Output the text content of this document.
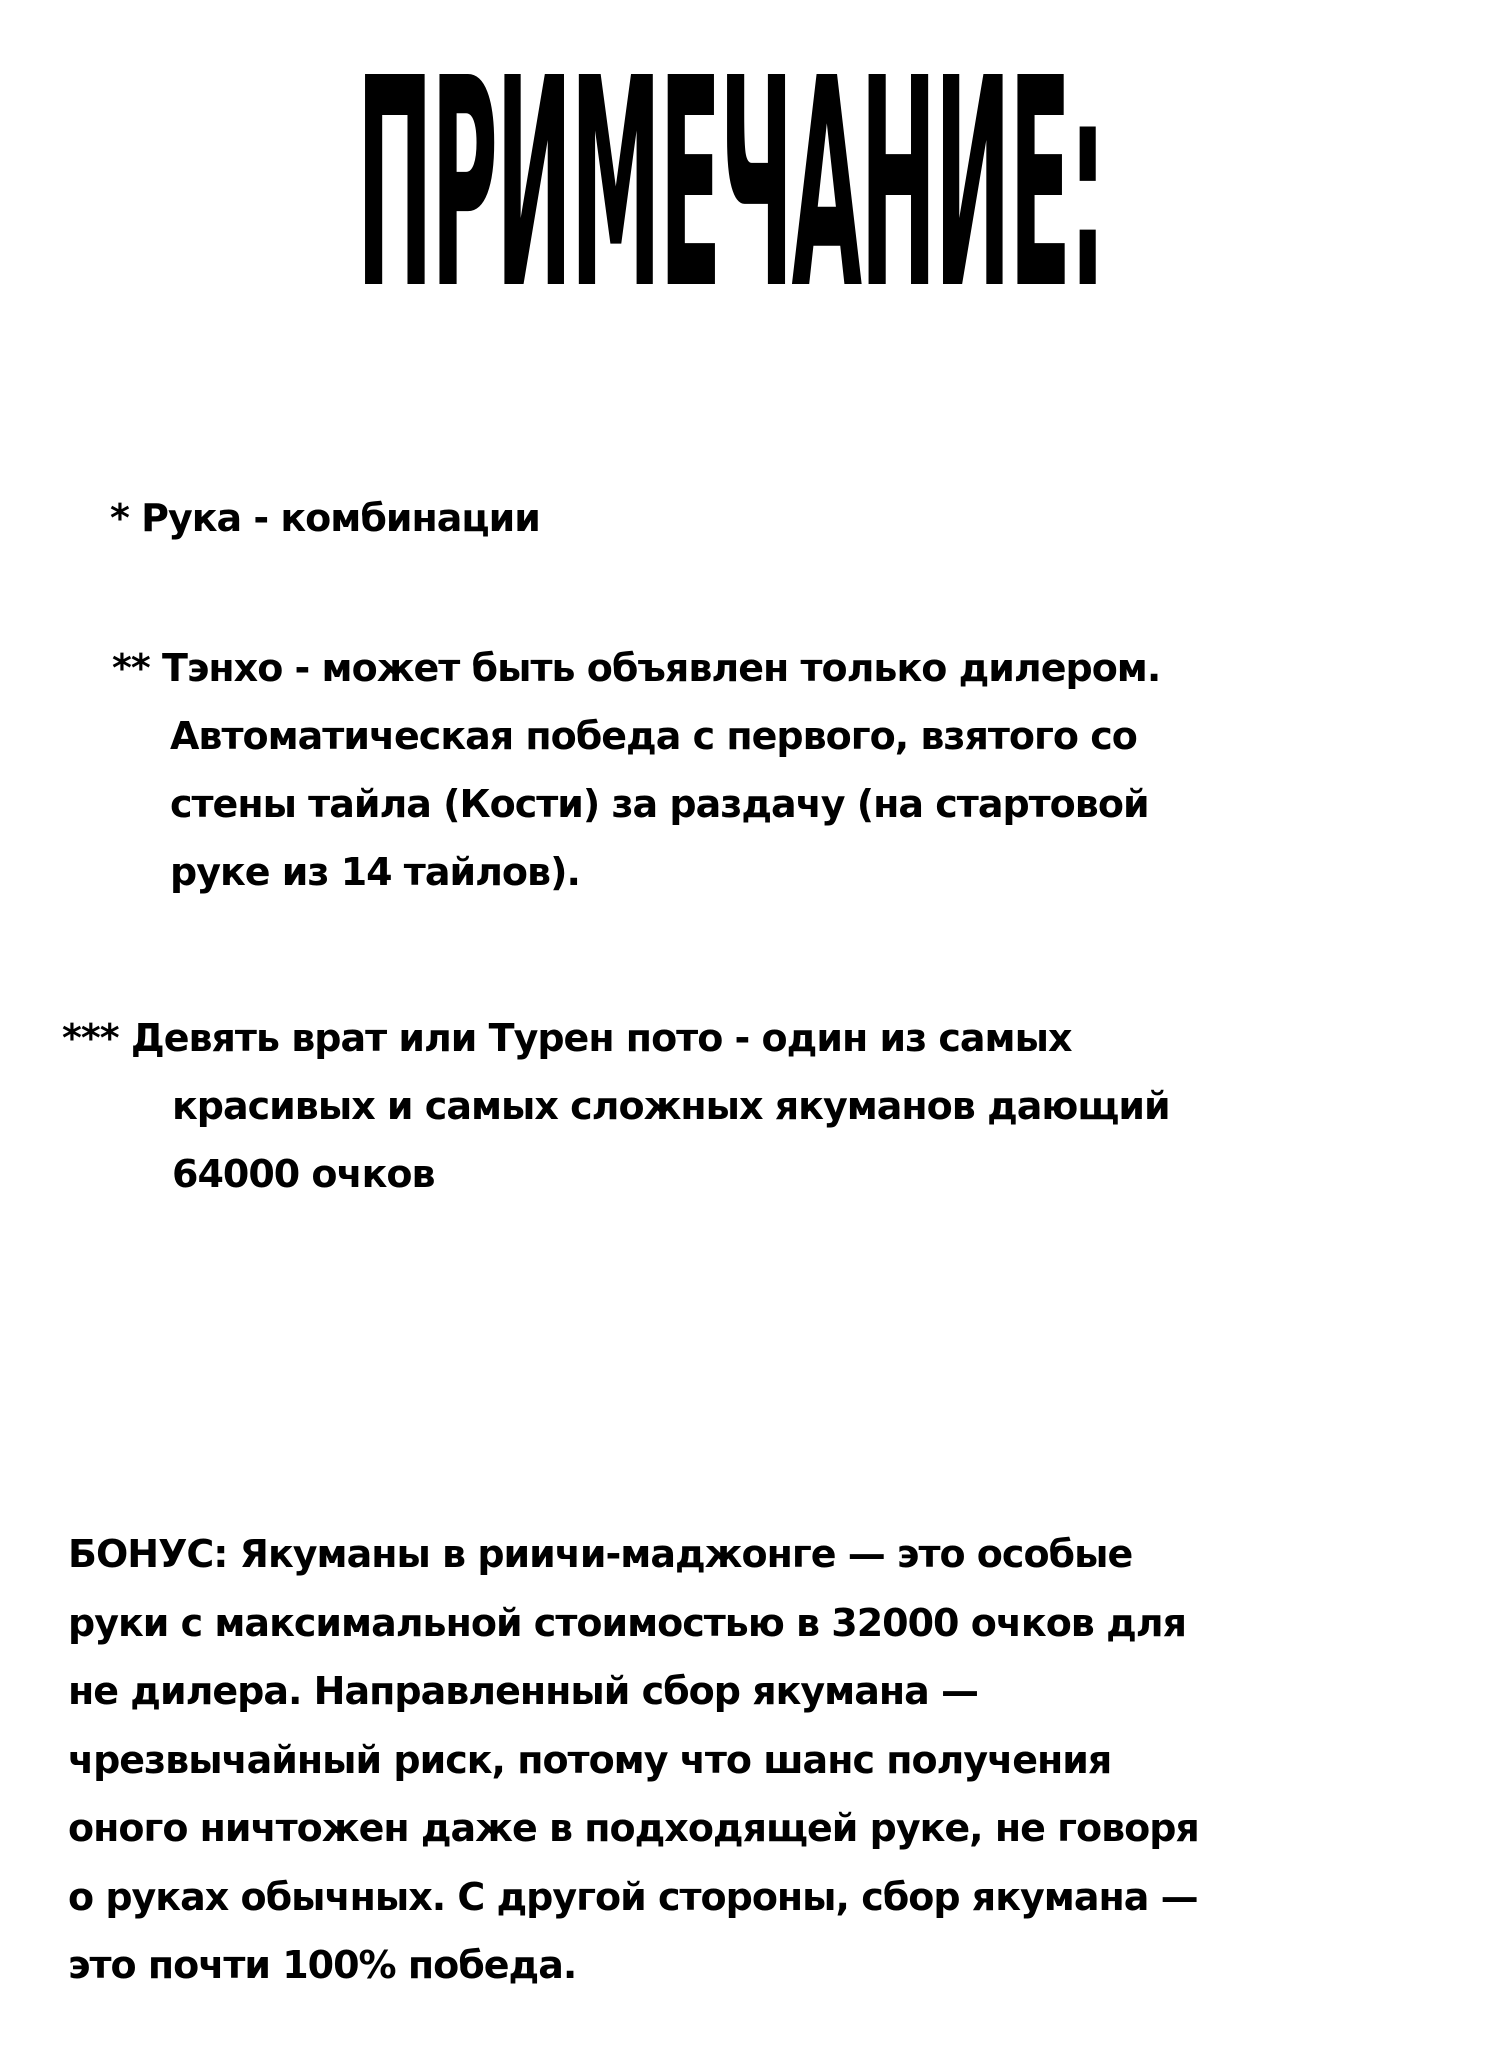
ПРИМЕЧАНИЕ:
* Рука - комбинации
** Тэнхо - может быть объявлен только дилером.
Автоматическая победа с первого, взятого со
стены тайла (Кости) за раздачу (на стартовой
руке из 14 тайлов).
*** Девять врат или Турен пото - один из самых
красивых и самых сложных якуманов дающий
64000 очков
БОНУС: Якуманы в риичи-маджонге — это особые
руки с максимальной стоимостью в 32000 очков для
не дилера. Направленный сбор якумана —
чрезвычайный риск, потому что шанс получения
оного ничтожен даже в подходящей руке, не говоря
о руках обычных. С другой стороны, сбор якумана —
это почти 100% победа.
